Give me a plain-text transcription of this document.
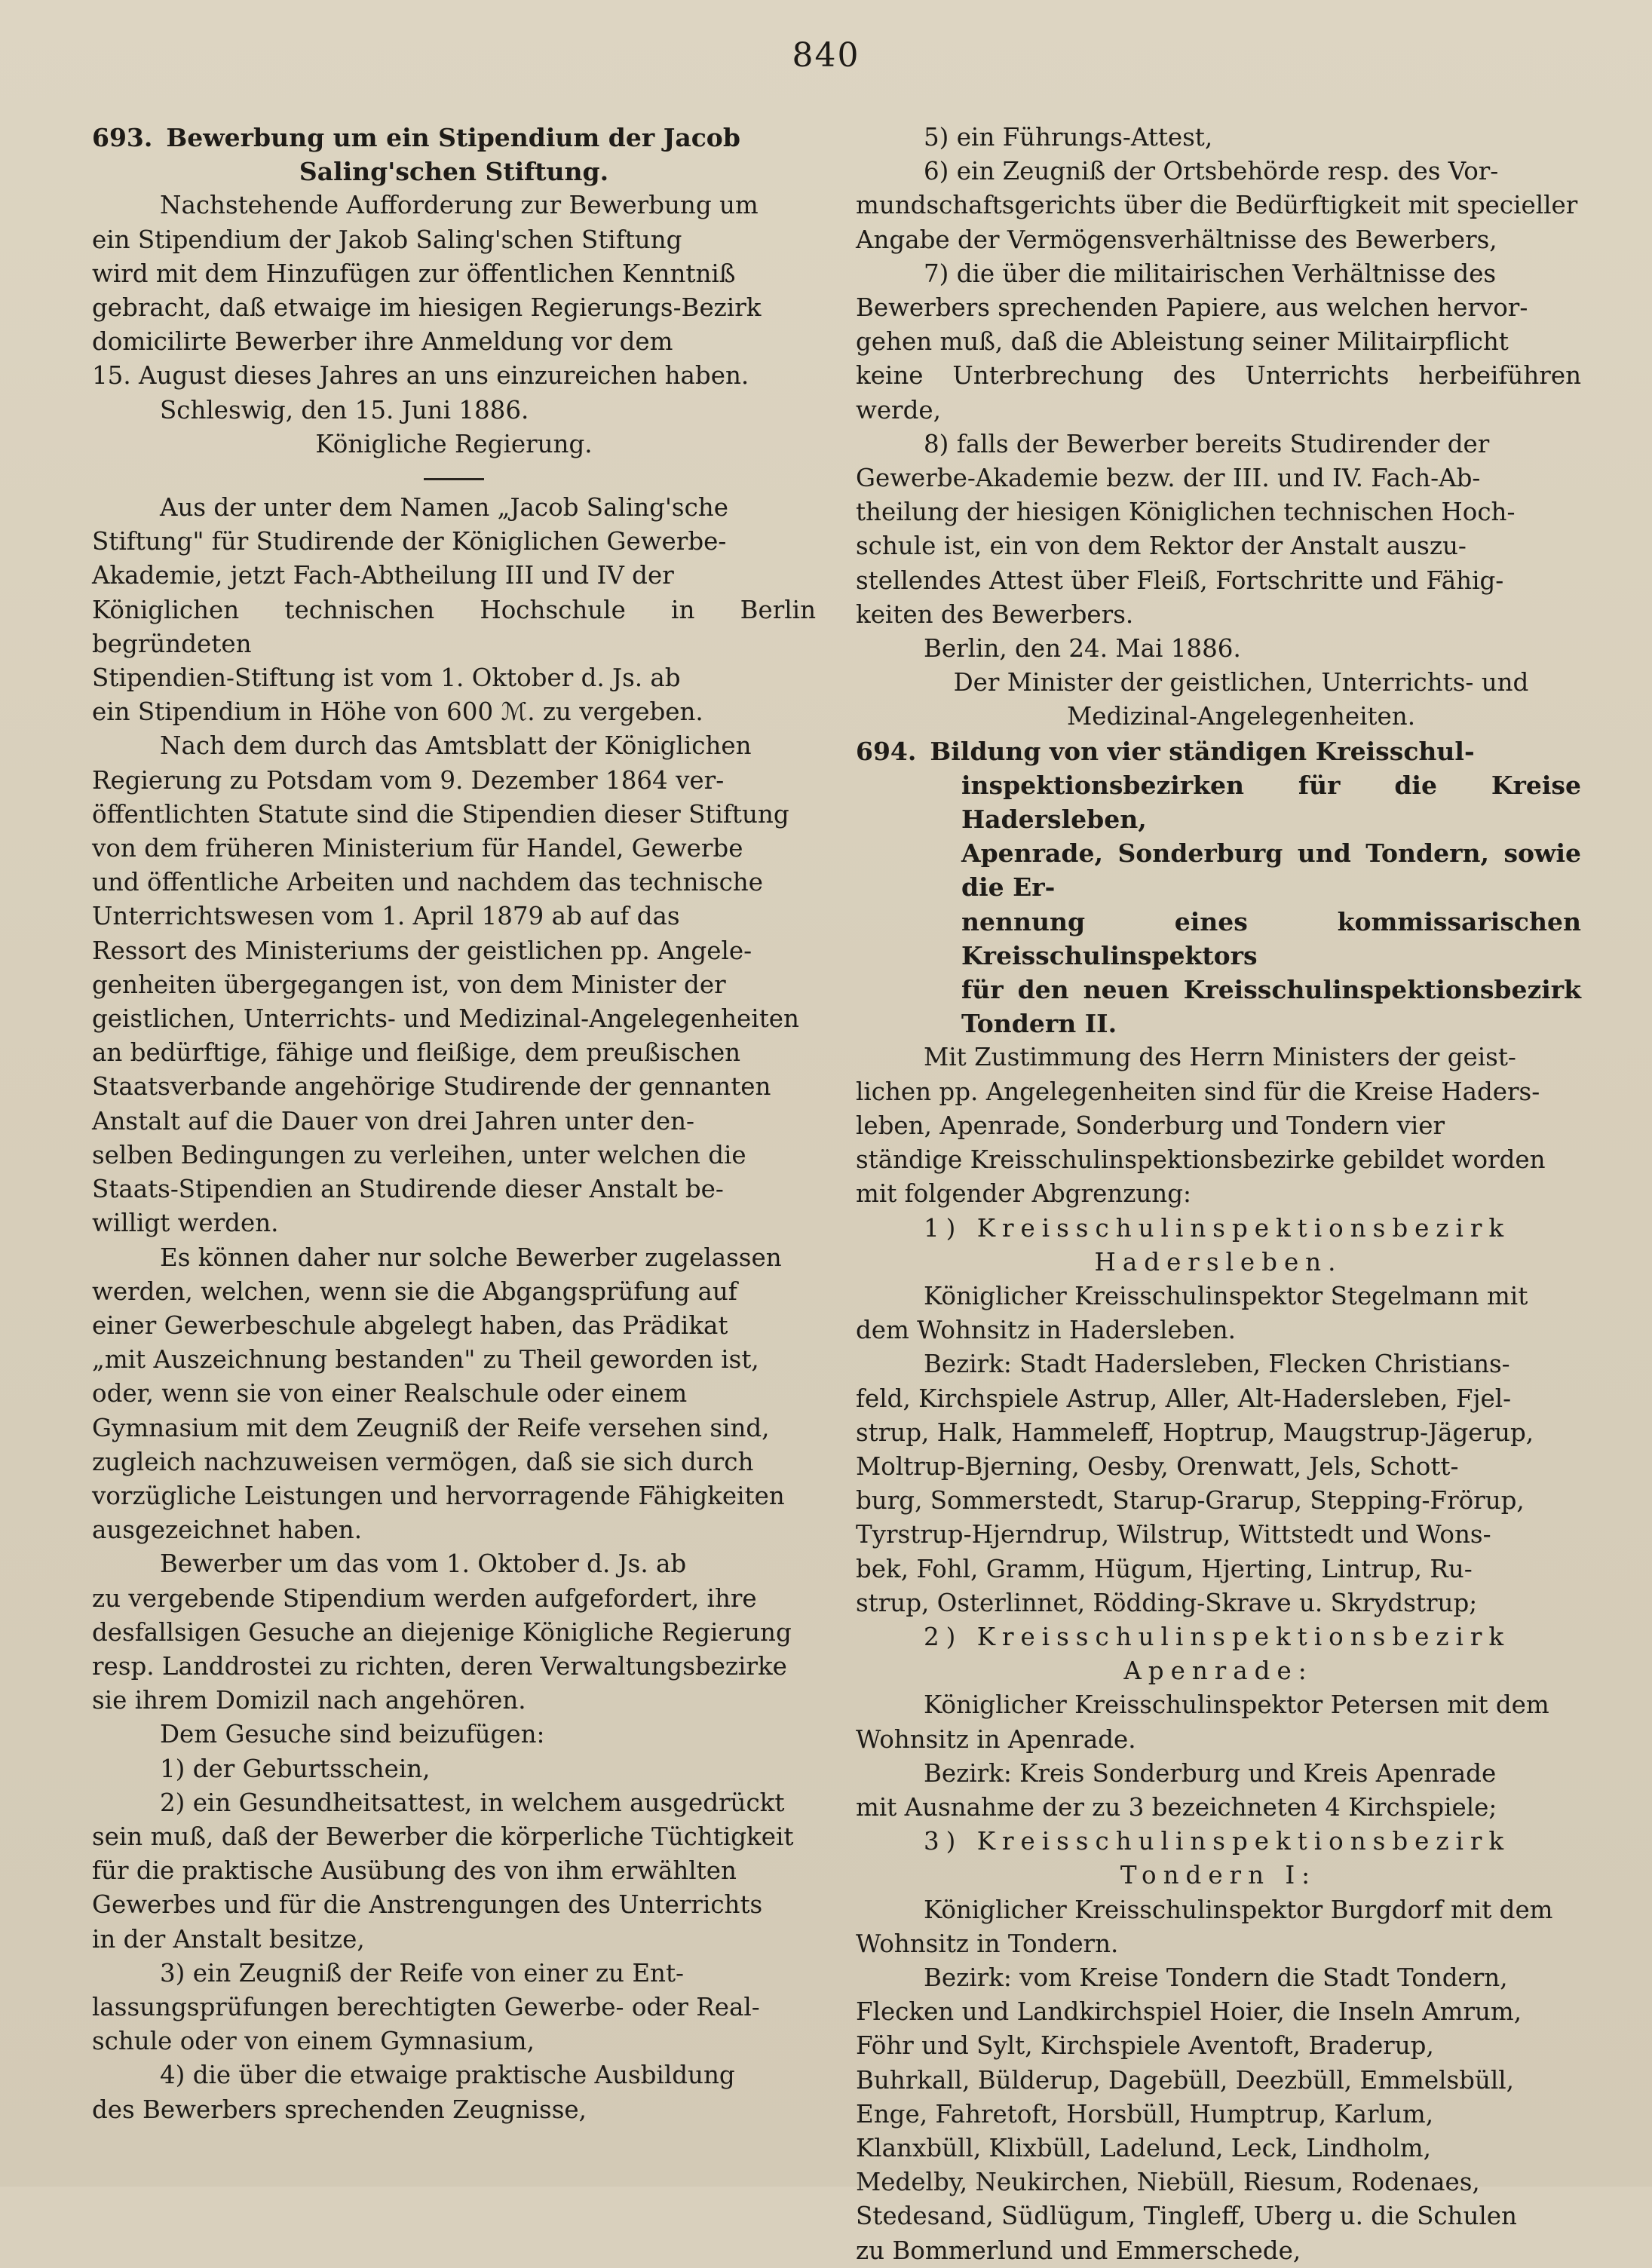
840

693. Bewerbung um ein Stipendium der Jacob

Saling'schen Stiftung.

Nachstehende Aufforderung zur Bewerbung um

ein Stipendium der Jakob Saling'schen Stiftung

wird mit dem Hinzufügen zur öffentlichen Kenntniß

gebracht, daß etwaige im hiesigen Regierungs-Bezirk

domicilirte Bewerber ihre Anmeldung vor dem

15. August dieses Jahres an uns einzureichen haben.

Schleswig, den 15. Juni 1886.

Königliche Regierung.

Aus der unter dem Namen „Jacob Saling'sche

Stiftung" für Studirende der Königlichen Gewerbe-

Akademie, jetzt Fach-Abtheilung III und IV der

Königlichen technischen Hochschule in Berlin begründeten

Stipendien-Stiftung ist vom 1. Oktober d. Js. ab

ein Stipendium in Höhe von 600 ℳ. zu vergeben.

Nach dem durch das Amtsblatt der Königlichen

Regierung zu Potsdam vom 9. Dezember 1864 ver-

öffentlichten Statute sind die Stipendien dieser Stiftung

von dem früheren Ministerium für Handel, Gewerbe

und öffentliche Arbeiten und nachdem das technische

Unterrichtswesen vom 1. April 1879 ab auf das

Ressort des Ministeriums der geistlichen pp. Angele-

genheiten übergegangen ist, von dem Minister der

geistlichen, Unterrichts- und Medizinal-Angelegenheiten

an bedürftige, fähige und fleißige, dem preußischen

Staatsverbande angehörige Studirende der gennanten

Anstalt auf die Dauer von drei Jahren unter den-

selben Bedingungen zu verleihen, unter welchen die

Staats-Stipendien an Studirende dieser Anstalt be-

willigt werden.

Es können daher nur solche Bewerber zugelassen

werden, welchen, wenn sie die Abgangsprüfung auf

einer Gewerbeschule abgelegt haben, das Prädikat

„mit Auszeichnung bestanden" zu Theil geworden ist,

oder, wenn sie von einer Realschule oder einem

Gymnasium mit dem Zeugniß der Reife versehen sind,

zugleich nachzuweisen vermögen, daß sie sich durch

vorzügliche Leistungen und hervorragende Fähigkeiten

ausgezeichnet haben.

Bewerber um das vom 1. Oktober d. Js. ab

zu vergebende Stipendium werden aufgefordert, ihre

desfallsigen Gesuche an diejenige Königliche Regierung

resp. Landdrostei zu richten, deren Verwaltungsbezirke

sie ihrem Domizil nach angehören.

Dem Gesuche sind beizufügen:

1) der Geburtsschein,

2) ein Gesundheitsattest, in welchem ausgedrückt

sein muß, daß der Bewerber die körperliche Tüchtigkeit

für die praktische Ausübung des von ihm erwählten

Gewerbes und für die Anstrengungen des Unterrichts

in der Anstalt besitze,

3) ein Zeugniß der Reife von einer zu Ent-

lassungsprüfungen berechtigten Gewerbe- oder Real-

schule oder von einem Gymnasium,

4) die über die etwaige praktische Ausbildung

des Bewerbers sprechenden Zeugnisse,

5) ein Führungs-Attest,

6) ein Zeugniß der Ortsbehörde resp. des Vor-

mundschaftsgerichts über die Bedürftigkeit mit specieller

Angabe der Vermögensverhältnisse des Bewerbers,

7) die über die militairischen Verhältnisse des

Bewerbers sprechenden Papiere, aus welchen hervor-

gehen muß, daß die Ableistung seiner Militairpflicht

keine Unterbrechung des Unterrichts herbeiführen werde,

8) falls der Bewerber bereits Studirender der

Gewerbe-Akademie bezw. der III. und IV. Fach-Ab-

theilung der hiesigen Königlichen technischen Hoch-

schule ist, ein von dem Rektor der Anstalt auszu-

stellendes Attest über Fleiß, Fortschritte und Fähig-

keiten des Bewerbers.

Berlin, den 24. Mai 1886.

Der Minister der geistlichen, Unterrichts- und

Medizinal-Angelegenheiten.

694. Bildung von vier ständigen Kreisschul-

inspektionsbezirken für die Kreise Hadersleben,

Apenrade, Sonderburg und Tondern, sowie die Er-

nennung eines kommissarischen Kreisschulinspektors

für den neuen Kreisschulinspektionsbezirk Tondern II.

Mit Zustimmung des Herrn Ministers der geist-

lichen pp. Angelegenheiten sind für die Kreise Haders-

leben, Apenrade, Sonderburg und Tondern vier

ständige Kreisschulinspektionsbezirke gebildet worden

mit folgender Abgrenzung:

1) Kreisschulinspektionsbezirk

Hadersleben.

Königlicher Kreisschulinspektor Stegelmann mit

dem Wohnsitz in Hadersleben.

Bezirk: Stadt Hadersleben, Flecken Christians-

feld, Kirchspiele Astrup, Aller, Alt-Hadersleben, Fjel-

strup, Halk, Hammeleff, Hoptrup, Maugstrup-Jägerup,

Moltrup-Bjerning, Oesby, Orenwatt, Jels, Schott-

burg, Sommerstedt, Starup-Grarup, Stepping-Frörup,

Tyrstrup-Hjerndrup, Wilstrup, Wittstedt und Wons-

bek, Fohl, Gramm, Hügum, Hjerting, Lintrup, Ru-

strup, Osterlinnet, Rödding-Skrave u. Skrydstrup;

2) Kreisschulinspektionsbezirk

Apenrade:

Königlicher Kreisschulinspektor Petersen mit dem

Wohnsitz in Apenrade.

Bezirk: Kreis Sonderburg und Kreis Apenrade

mit Ausnahme der zu 3 bezeichneten 4 Kirchspiele;

3) Kreisschulinspektionsbezirk

Tondern I:

Königlicher Kreisschulinspektor Burgdorf mit dem

Wohnsitz in Tondern.

Bezirk: vom Kreise Tondern die Stadt Tondern,

Flecken und Landkirchspiel Hoier, die Inseln Amrum,

Föhr und Sylt, Kirchspiele Aventoft, Braderup,

Buhrkall, Bülderup, Dagebüll, Deezbüll, Emmelsbüll,

Enge, Fahretoft, Horsbüll, Humptrup, Karlum,

Klanxbüll, Klixbüll, Ladelund, Leck, Lindholm,

Medelby, Neukirchen, Niebüll, Riesum, Rodenaes,

Stedesand, Südlügum, Tingleff, Uberg u. die Schulen

zu Bommerlund und Emmerschede,
